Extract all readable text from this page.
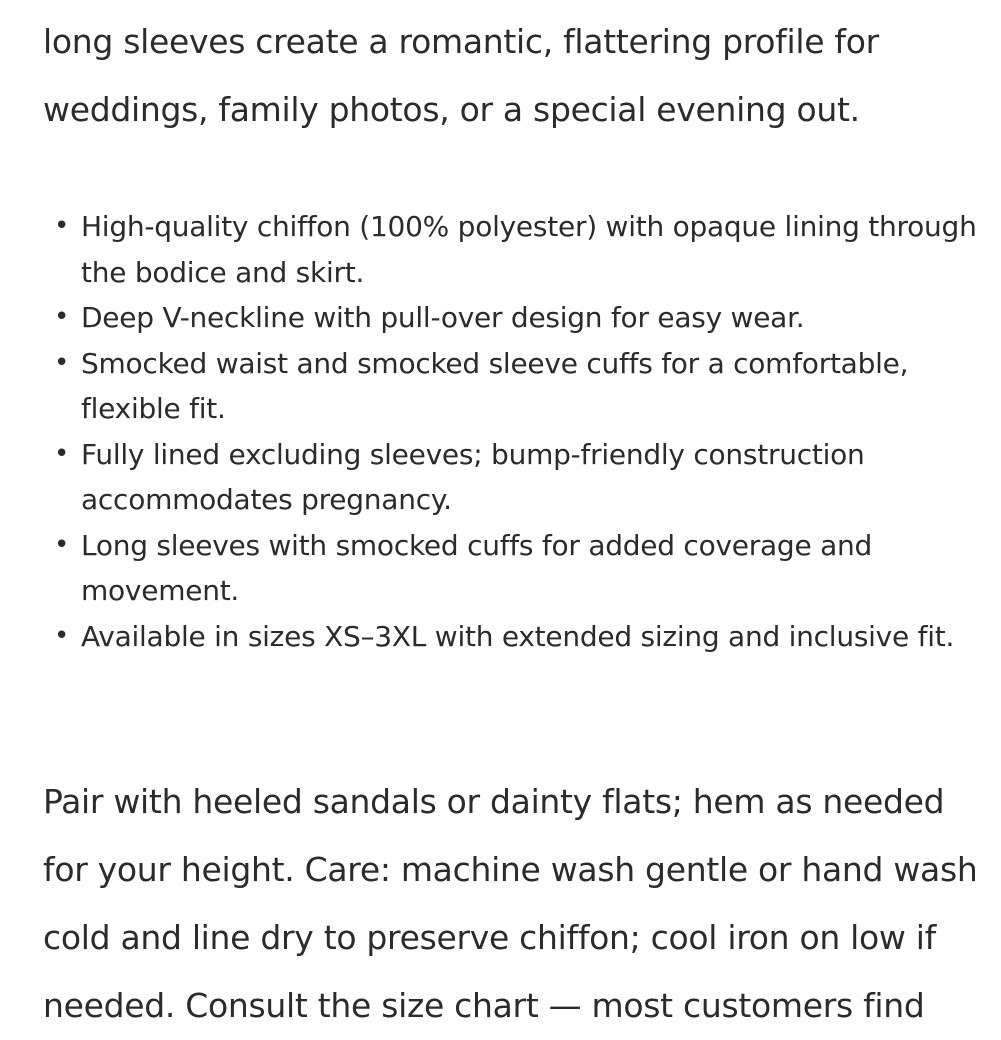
long sleeves create a romantic, flattering profile for weddings, family photos, or a special evening out.

• High-quality chiffon (100% polyester) with opaque lining through the bodice and skirt.
• Deep V-neckline with pull-over design for easy wear.
• Smocked waist and smocked sleeve cuffs for a comfortable, flexible fit.
• Fully lined excluding sleeves; bump-friendly construction accommodates pregnancy.
• Long sleeves with smocked cuffs for added coverage and movement.
• Available in sizes XS–3XL with extended sizing and inclusive fit.

Pair with heeled sandals or dainty flats; hem as needed for your height. Care: machine wash gentle or hand wash cold and line dry to preserve chiffon; cool iron on low if needed. Consult the size chart — most customers find
